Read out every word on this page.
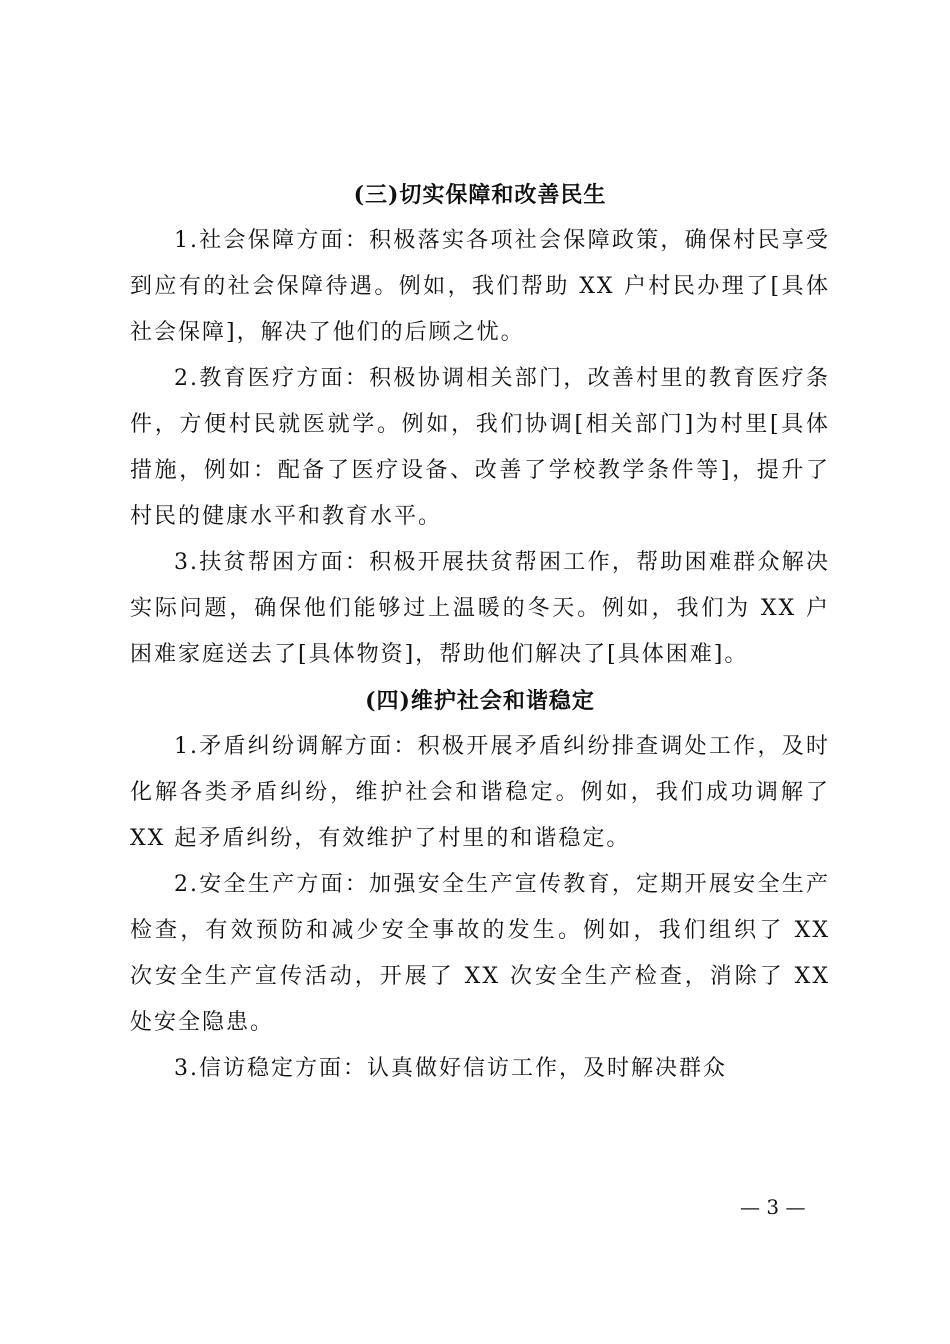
(三)切实保障和改善民生

1.社会保障方面：积极落实各项社会保障政策，确保村民享受到应有的社会保障待遇。例如，我们帮助 XX 户村民办理了[具体社会保障]，解决了他们的后顾之忧。

2.教育医疗方面：积极协调相关部门，改善村里的教育医疗条件，方便村民就医就学。例如，我们协调[相关部门]为村里[具体措施，例如：配备了医疗设备、改善了学校教学条件等]，提升了村民的健康水平和教育水平。

3.扶贫帮困方面：积极开展扶贫帮困工作，帮助困难群众解决实际问题，确保他们能够过上温暖的冬天。例如，我们为 XX 户困难家庭送去了[具体物资]，帮助他们解决了[具体困难]。

(四)维护社会和谐稳定

1.矛盾纠纷调解方面：积极开展矛盾纠纷排查调处工作，及时化解各类矛盾纠纷，维护社会和谐稳定。例如，我们成功调解了 XX 起矛盾纠纷，有效维护了村里的和谐稳定。

2.安全生产方面：加强安全生产宣传教育，定期开展安全生产检查，有效预防和减少安全事故的发生。例如，我们组织了 XX 次安全生产宣传活动，开展了 XX 次安全生产检查，消除了 XX 处安全隐患。

3.信访稳定方面：认真做好信访工作，及时解决群众

— 3 —
